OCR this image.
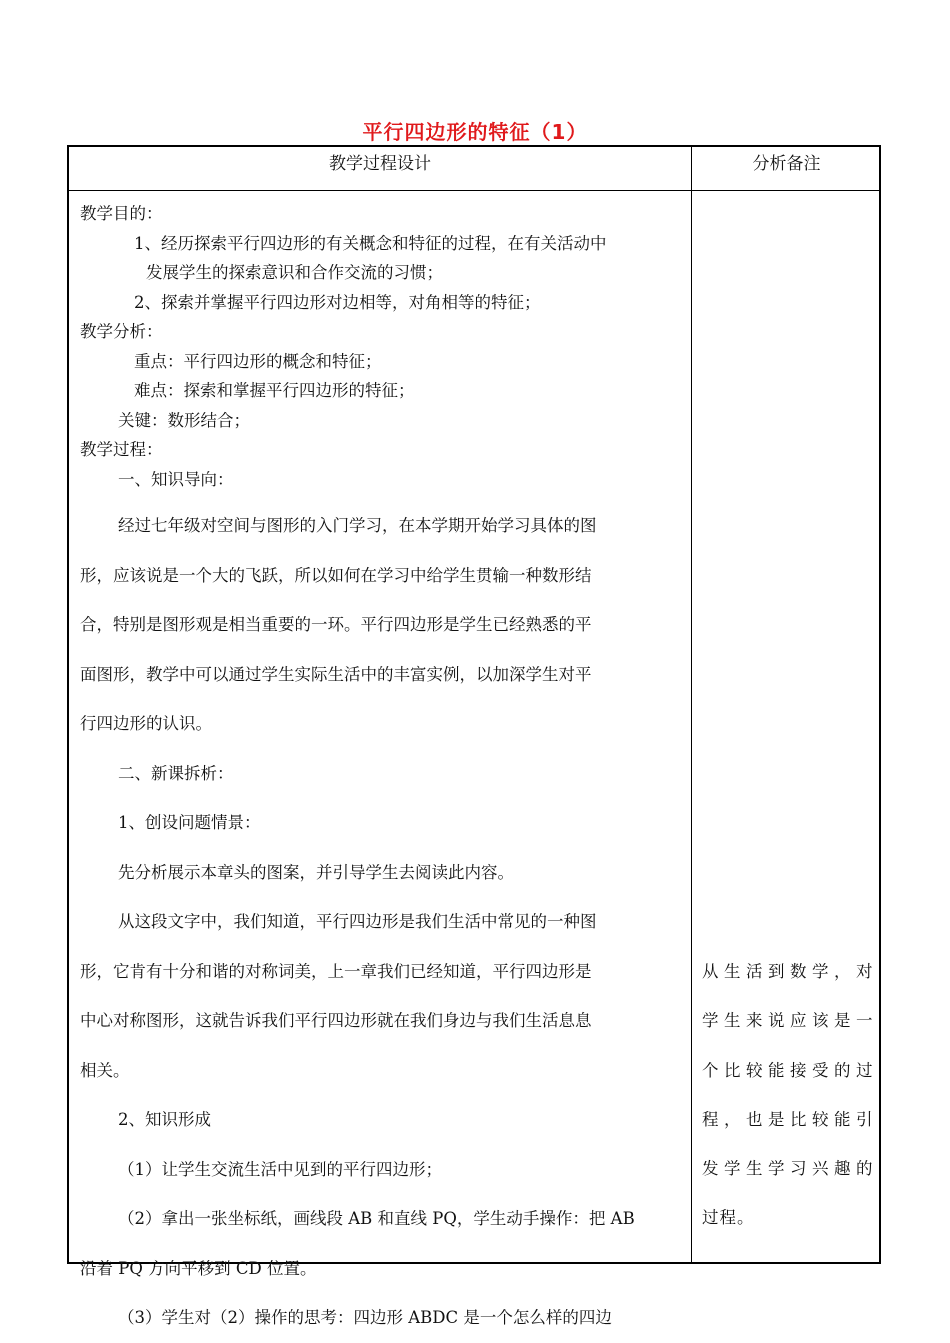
平行四边形的特征（1）
教学过程设计	分析备注

教学目的：

1、经历探索平行四边形的有关概念和特征的过程，在有关活动中

发展学生的探索意识和合作交流的习惯；

2、探索并掌握平行四边形对边相等，对角相等的特征；

教学分析：

重点：平行四边形的概念和特征；

难点：探索和掌握平行四边形的特征；

关键：数形结合；

教学过程：

一、知识导向：

经过七年级对空间与图形的入门学习，在本学期开始学习具体的图

形，应该说是一个大的飞跃，所以如何在学习中给学生贯输一种数形结

合，特别是图形观是相当重要的一环。平行四边形是学生已经熟悉的平

面图形，教学中可以通过学生实际生活中的丰富实例，以加深学生对平

行四边形的认识。

二、新课拆析：

1、创设问题情景：

先分析展示本章头的图案，并引导学生去阅读此内容。

从这段文字中，我们知道，平行四边形是我们生活中常见的一种图

形，它肯有十分和谐的对称词美，上一章我们已经知道，平行四边形是

中心对称图形，这就告诉我们平行四边形就在我们身边与我们生活息息

相关。

2、知识形成

（1）让学生交流生活中见到的平行四边形；

（2）拿出一张坐标纸，画线段 AB 和直线 PQ，学生动手操作：把 AB

沿着 PQ 方向平移到 CD 位置。

（3）学生对（2）操作的思考：四边形 ABDC 是一个怎么样的四边

从生活到数学，对

学生来说应该是一

个比较能接受的过

程，也是比较能引

发学生学习兴趣的

过程。
